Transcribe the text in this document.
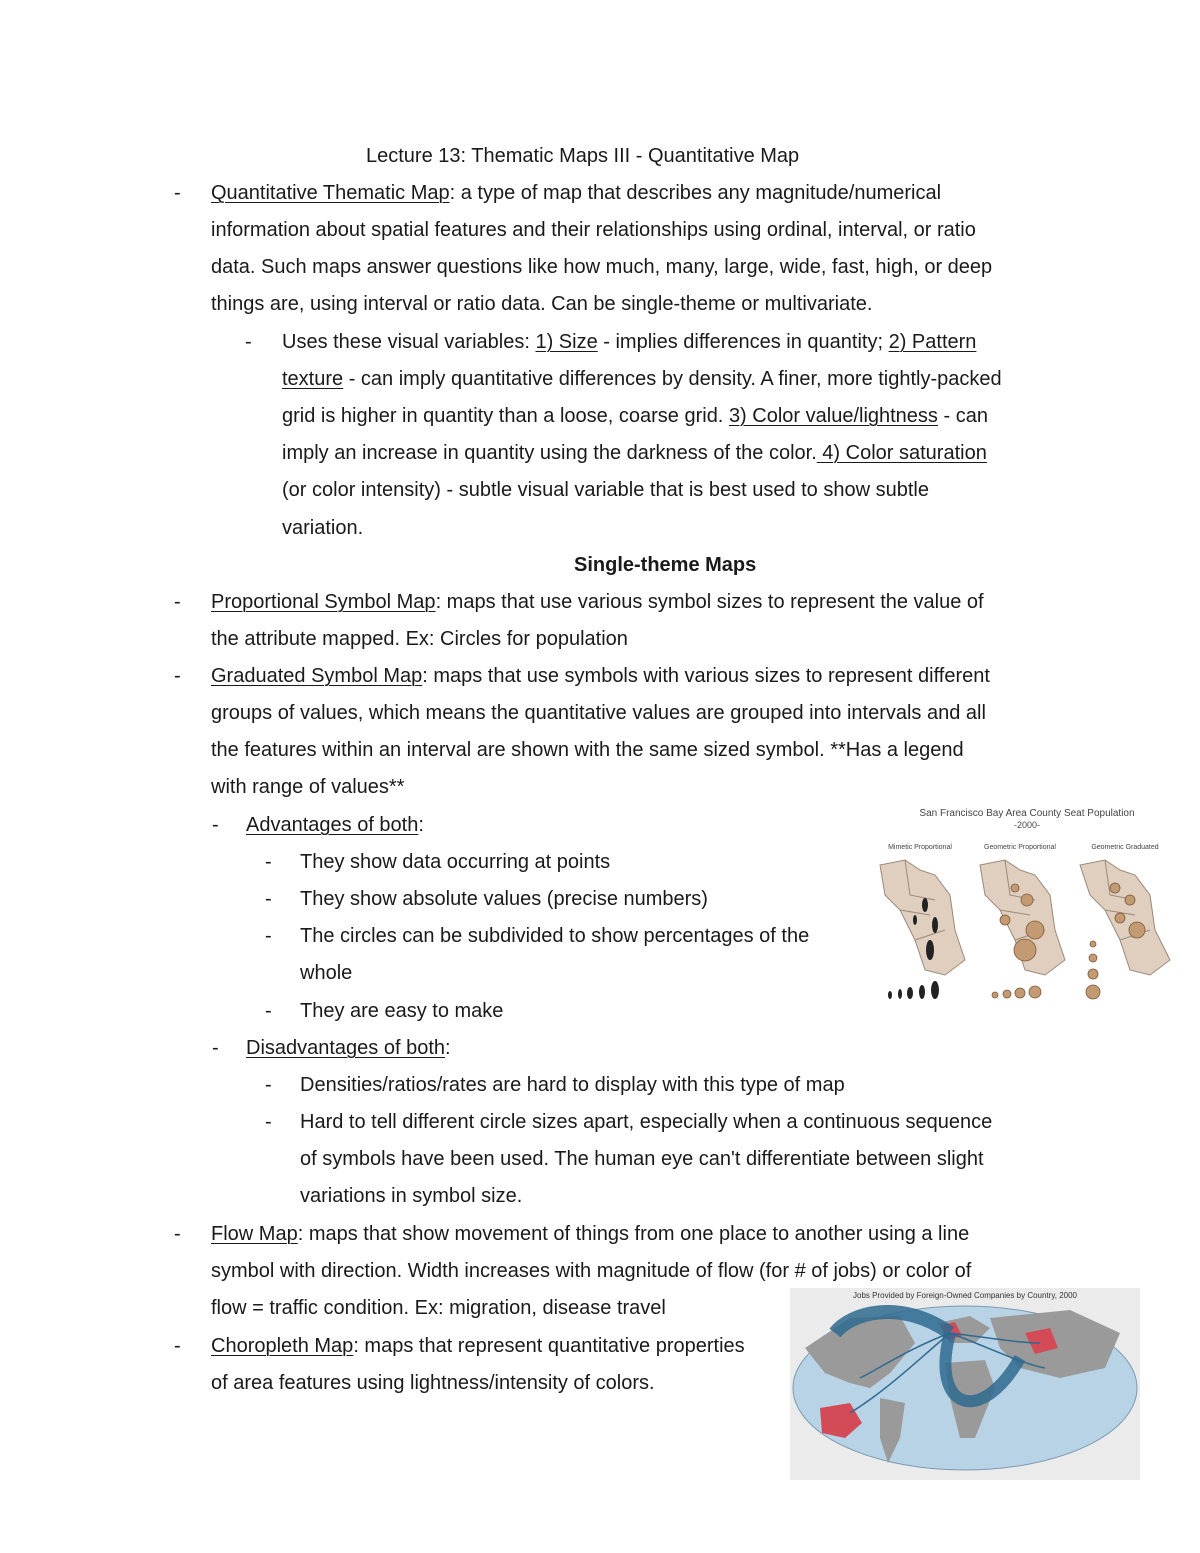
Lecture 13: Thematic Maps III - Quantitative Map
- Quantitative Thematic Map: a type of map that describes any magnitude/numerical
information about spatial features and their relationships using ordinal, interval, or ratio
data. Such maps answer questions like how much, many, large, wide, fast, high, or deep
things are, using interval or ratio data. Can be single-theme or multivariate.
- Uses these visual variables: 1) Size - implies differences in quantity; 2) Pattern
texture - can imply quantitative differences by density. A finer, more tightly-packed
grid is higher in quantity than a loose, coarse grid. 3) Color value/lightness - can
imply an increase in quantity using the darkness of the color. 4) Color saturation
(or color intensity) - subtle visual variable that is best used to show subtle
variation.
Single-theme Maps
- Proportional Symbol Map: maps that use various symbol sizes to represent the value of
the attribute mapped. Ex: Circles for population
- Graduated Symbol Map: maps that use symbols with various sizes to represent different
groups of values, which means the quantitative values are grouped into intervals and all
the features within an interval are shown with the same sized symbol. **Has a legend
with range of values**
- Advantages of both:
- They show data occurring at points
- They show absolute values (precise numbers)
- The circles can be subdivided to show percentages of the
whole
- They are easy to make
- Disadvantages of both:
- Densities/ratios/rates are hard to display with this type of map
- Hard to tell different circle sizes apart, especially when a continuous sequence
of symbols have been used. The human eye can't differentiate between slight
variations in symbol size.
- Flow Map: maps that show movement of things from one place to another using a line
symbol with direction. Width increases with magnitude of flow (for # of jobs) or color of
flow = traffic condition. Ex: migration, disease travel
- Choropleth Map: maps that represent quantitative properties
of area features using lightness/intensity of colors.
San Francisco Bay Area County Seat Population
-2000-
Mimetic Proportional	Geometric Proportional	Geometric Graduated
Jobs Provided by Foreign-Owned Companies by Country, 2000
